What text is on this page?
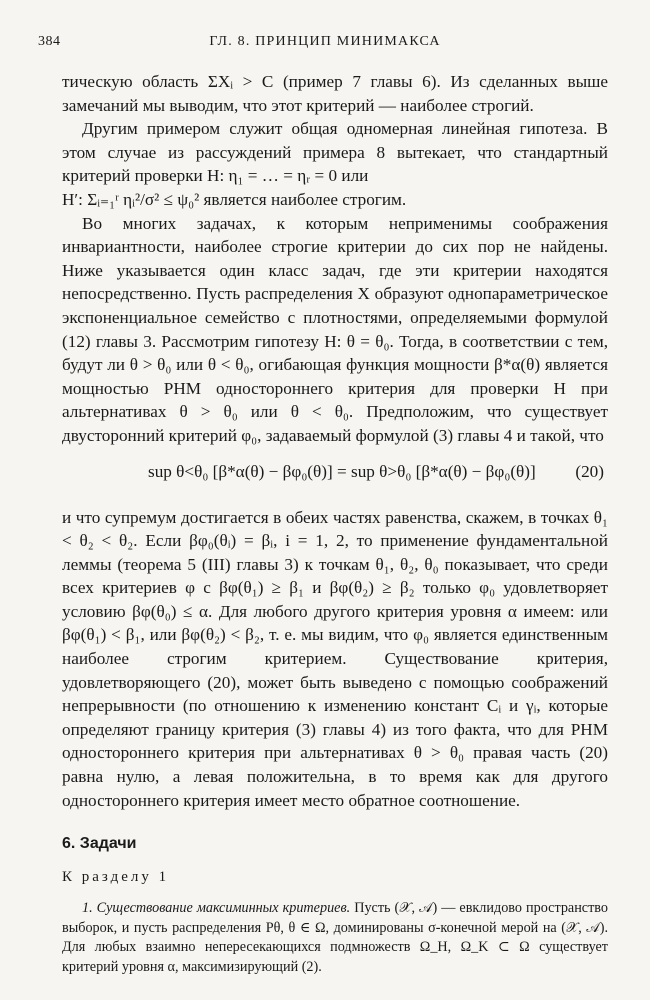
384	ГЛ. 8. ПРИНЦИП МИНИМАКСА

тическую область ΣXᵢ > C (пример 7 главы 6). Из сделанных выше замечаний мы выводим, что этот критерий — наиболее строгий.

Другим примером служит общая одномерная линейная гипотеза. В этом случае из рассуждений примера 8 вытекает, что стандартный критерий проверки H: η₁ = … = ηᵣ = 0 или

H′: Σᵢ₌₁ʳ ηᵢ²/σ² ≤ ψ₀² является наиболее строгим.

Во многих задачах, к которым неприменимы соображения инвариантности, наиболее строгие критерии до сих пор не найдены. Ниже указывается один класс задач, где эти критерии находятся непосредственно. Пусть распределения X образуют однопараметрическое экспоненциальное семейство с плотностями, определяемыми формулой (12) главы 3. Рассмотрим гипотезу H: θ = θ₀. Тогда, в соответствии с тем, будут ли θ > θ₀ или θ < θ₀, огибающая функция мощности β*α(θ) является мощностью РНМ одностороннего критерия для проверки H при альтернативах θ > θ₀ или θ < θ₀. Предположим, что существует двусторонний критерий φ₀, задаваемый формулой (3) главы 4 и такой, что

sup θ<θ₀ [β*α(θ) − βφ₀(θ)] = sup θ>θ₀ [β*α(θ) − βφ₀(θ)] (20)

и что супремум достигается в обеих частях равенства, скажем, в точках θ₁ < θ₂ < θ₂. Если βφ₀(θᵢ) = βᵢ, i = 1, 2, то применение фундаментальной леммы (теорема 5 (III) главы 3) к точкам θ₁, θ₂, θ₀ показывает, что среди всех критериев φ с βφ(θ₁) ≥ β₁ и βφ(θ₂) ≥ β₂ только φ₀ удовлетворяет условию βφ(θ₀) ≤ α. Для любого другого критерия уровня α имеем: или βφ(θ₁) < β₁, или βφ(θ₂) < β₂, т. е. мы видим, что φ₀ является единственным наиболее строгим критерием. Существование критерия, удовлетворяющего (20), может быть выведено с помощью соображений непрерывности (по отношению к изменению констант Cᵢ и γᵢ, которые определяют границу критерия (3) главы 4) из того факта, что для РНМ одностороннего критерия при альтернативах θ > θ₀ правая часть (20) равна нулю, а левая положительна, в то время как для другого одностороннего критерия имеет место обратное соотношение.

6. Задачи

К разделу 1

1. Существование максиминных критериев. Пусть (𝒳, 𝒜) — евклидово пространство выборок, и пусть распределения Pθ, θ ∈ Ω, доминированы σ-конечной мерой на (𝒳, 𝒜). Для любых взаимно непересекающихся подмножеств Ω_H, Ω_K ⊂ Ω существует критерий уровня α, максимизирующий (2).
